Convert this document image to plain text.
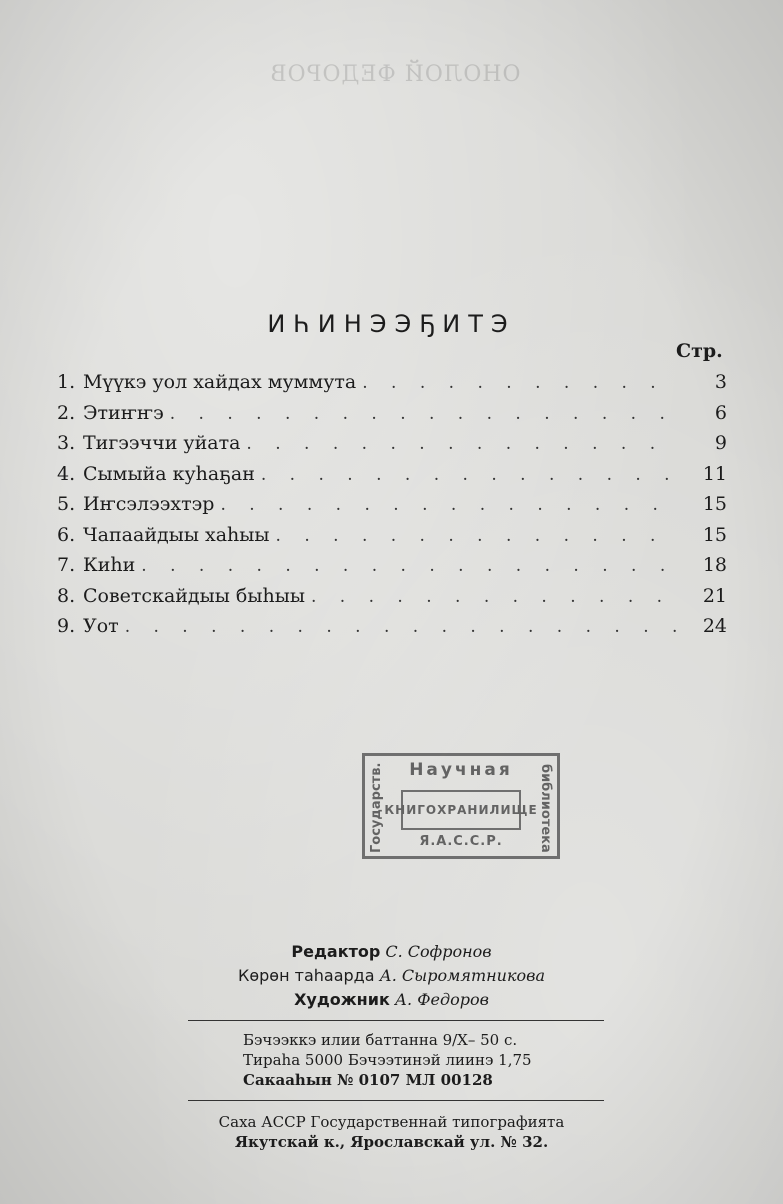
ОНОЛОЙ ФЕДОРОВ
ИҺИНЭЭҔИТЭ
Стр.
1. Мүүкэ уол хайдах муммута . . .	3
2. Этиҥҥэ . . .	6
3. Тигээччи уйата . . .	9
4. Сымыйа куһаҕан . . .	11
5. Иҥсэлээхтэр . . .	15
6. Чапаайдыы хаһыы . . .	15
7. Киһи . . .	18
8. Советскайдыы быһыы . . .	21
9. Уот . . .	24
Государств.	библиотека
Научная
КНИГОХРАНИЛИЩЕ
Я.А.С.С.Р.
Редактор С. Софронов
Көрөн таһаарда А. Сыромятникова
Художник А. Федоров
Бэчээккэ илии баттанна 9/X– 50 с.
Тираһа 5000 Бэчээтинэй лиинэ 1,75
Сакааһын № 0107 МЛ 00128
Саха АССР Государственнай типографията
Якутскай к., Ярославскай ул. № 32.
